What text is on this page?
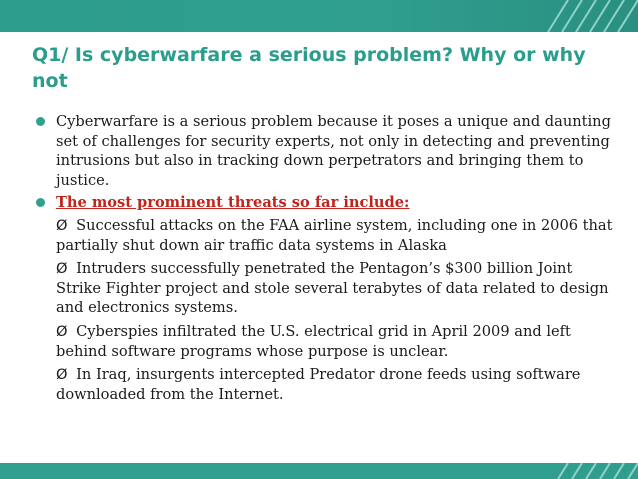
Q1/ Is cyberwarfare a serious problem? Why or why not
Cyberwarfare is a serious problem because it poses a unique and daunting set of challenges for security experts, not only in detecting and preventing intrusions but also in tracking down perpetrators and bringing them to justice.
The most prominent threats so far include:
Ø Successful attacks on the FAA airline system, including one in 2006 that partially shut down air traffic data systems in Alaska
Ø Intruders successfully penetrated the Pentagon’s $300 billion Joint Strike Fighter project and stole several terabytes of data related to design and electronics systems.
Ø Cyberspies infiltrated the U.S. electrical grid in April 2009 and left behind software programs whose purpose is unclear.
Ø In Iraq, insurgents intercepted Predator drone feeds using software downloaded from the Internet.
